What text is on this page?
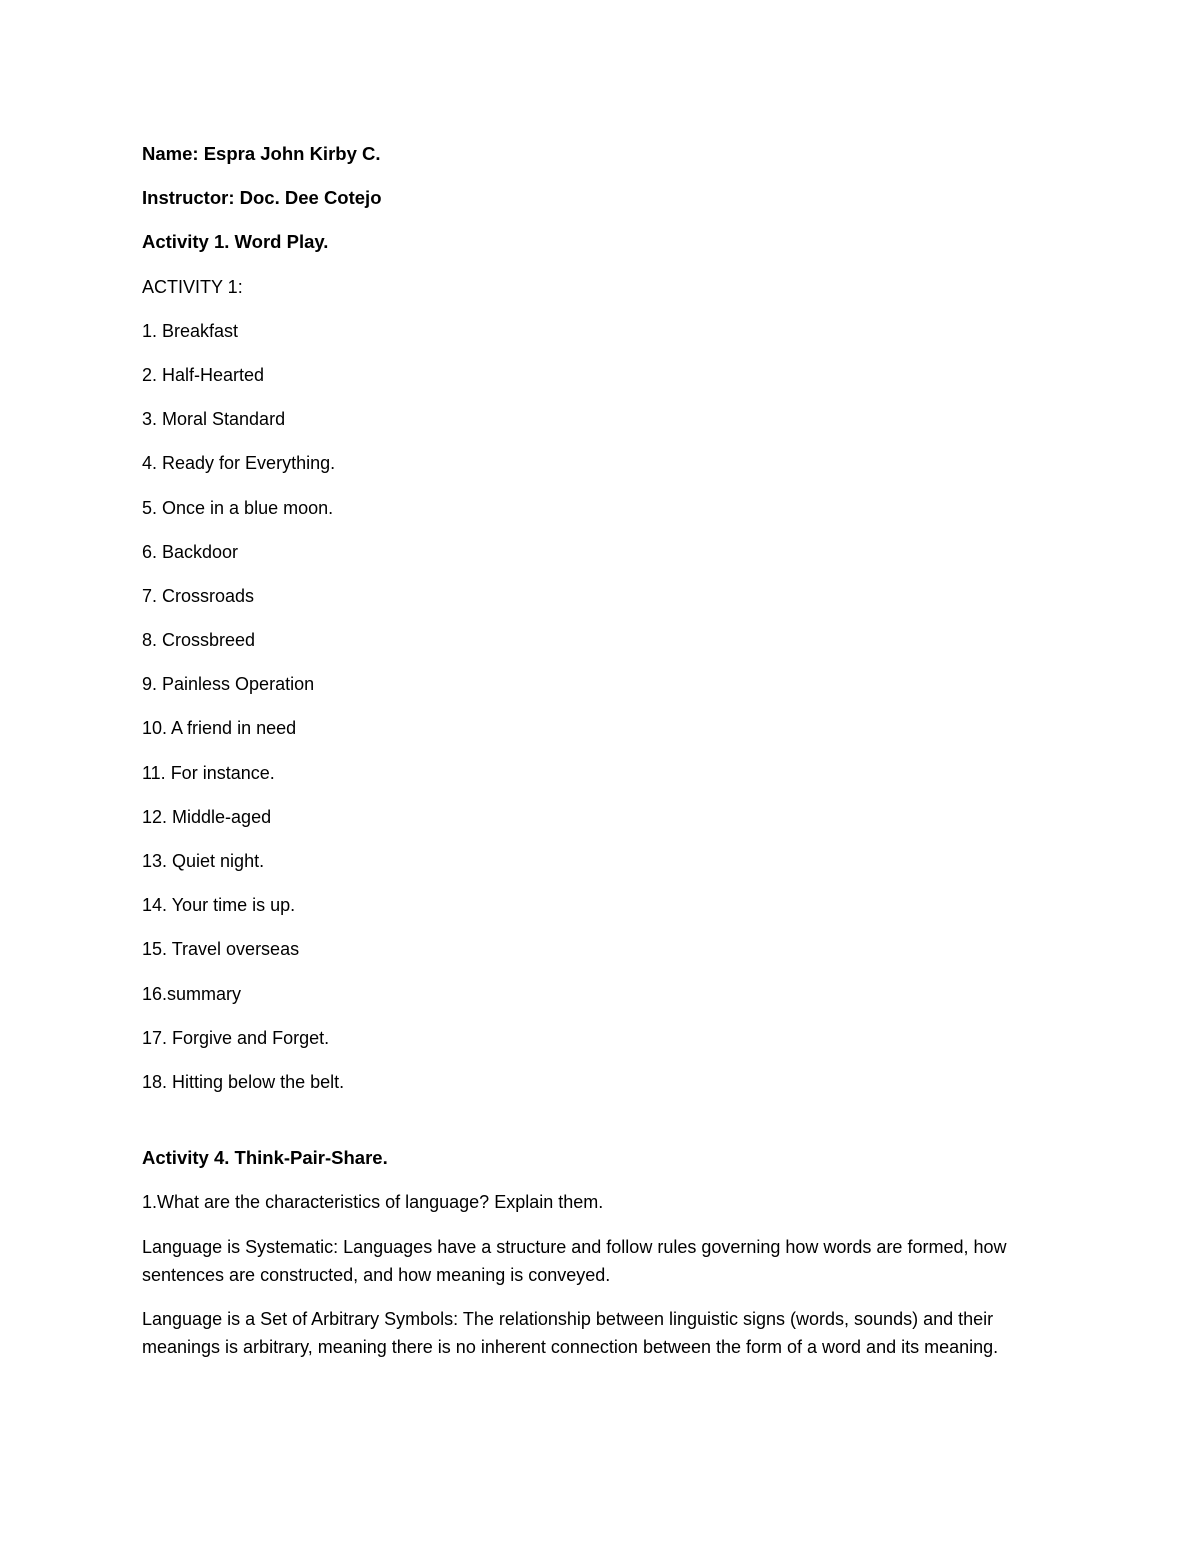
Name: Espra John Kirby C.
Instructor: Doc. Dee Cotejo
Activity 1. Word Play.
ACTIVITY 1:
1. Breakfast
2. Half-Hearted
3. Moral Standard
4. Ready for Everything.
5. Once in a blue moon.
6. Backdoor
7. Crossroads
8. Crossbreed
9. Painless Operation
10. A friend in need
11. For instance.
12. Middle-aged
13. Quiet night.
14. Your time is up.
15. Travel overseas
16.summary
17. Forgive and Forget.
18. Hitting below the belt.
Activity 4. Think-Pair-Share.
1.What are the characteristics of language? Explain them.

Language is Systematic: Languages have a structure and follow rules governing how words are formed, how sentences are constructed, and how meaning is conveyed.

Language is a Set of Arbitrary Symbols: The relationship between linguistic signs (words, sounds) and their meanings is arbitrary, meaning there is no inherent connection between the form of a word and its meaning.
